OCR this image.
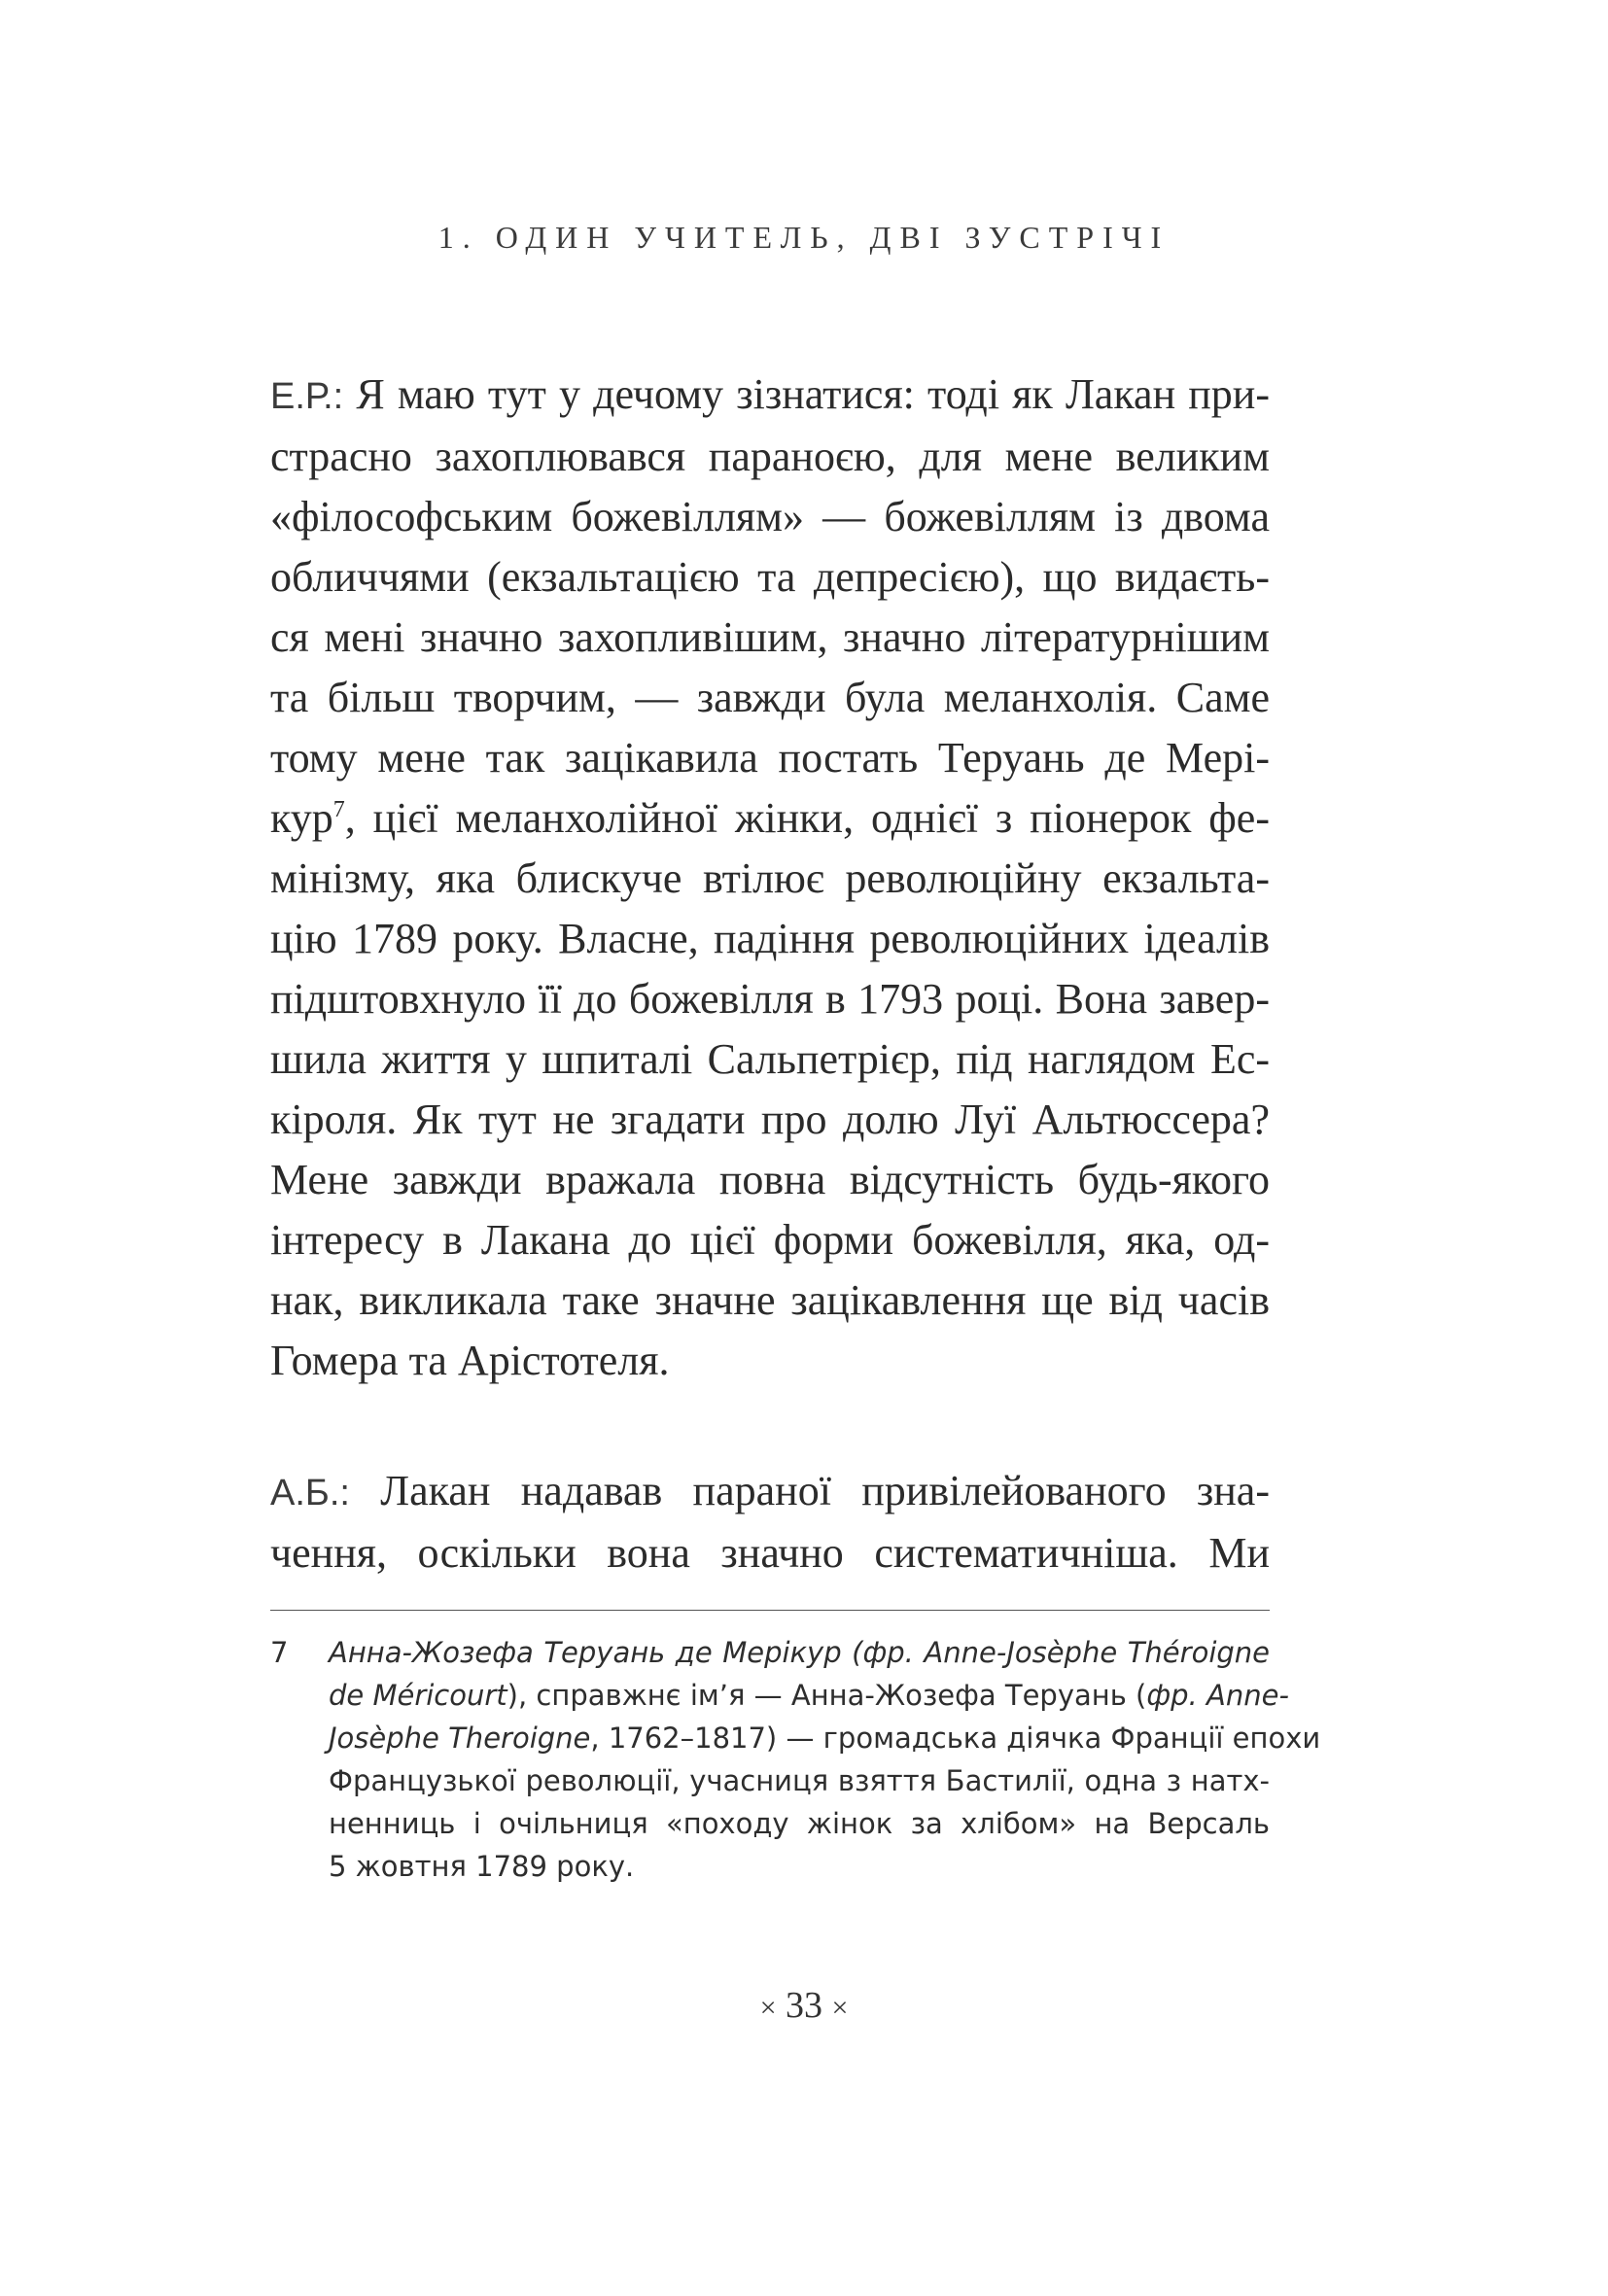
1. ОДИН УЧИТЕЛЬ, ДВІ ЗУСТРІЧІ
Е.Р.: Я маю тут у дечому зізнатися: тоді як Лакан при-
страсно захоплювався параноєю, для мене великим
«філософським божевіллям» — божевіллям із двома
обличчями (екзальтацією та депресією), що видаєть-
ся мені значно захопливішим, значно літературнішим
та більш творчим, — завжди була меланхолія. Саме
тому мене так зацікавила постать Теруань де Мері-
кур$^7$, цієї меланхолійної жінки, однієї з піонерок фе-
мінізму, яка блискуче втілює революційну екзальта-
цію 1789 року. Власне, падіння революційних ідеалів
підштовхнуло її до божевілля в 1793 році. Вона завер-
шила життя у шпиталі Сальпетрієр, під наглядом Ес-
кіроля. Як тут не згадати про долю Луї Альтюссера?
Мене завжди вражала повна відсутність будь-якого
інтересу в Лакана до цієї форми божевілля, яка, од-
нак, викликала таке значне зацікавлення ще від часів
Гомера та Арістотеля.
А.Б.: Лакан надавав параної привілейованого зна-
чення, оскільки вона значно систематичніша. Ми
7 Анна-Жозефа Теруань де Мерікур (фр. Anne-Josèphe Théroigne
de Méricourt), справжнє ім’я — Анна-Жозефа Теруань (фр. Anne-
Josèphe Theroigne, 1762–1817) — громадська діячка Франції епохи
Французької революції, учасниця взяття Бастилії, одна з натх-
ненниць і очільниця «походу жінок за хлібом» на Версаль
5 жовтня 1789 року.
× 33 ×
